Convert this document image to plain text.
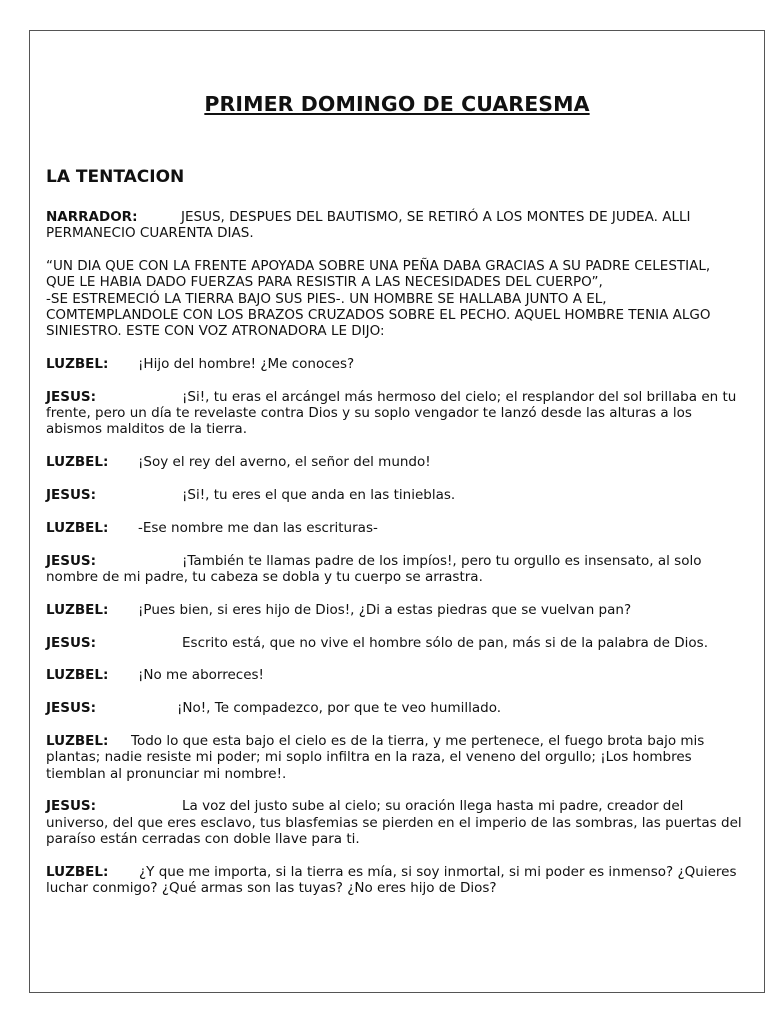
PRIMER DOMINGO DE CUARESMA
LA TENTACION

NARRADOR:	JESUS, DESPUES DEL BAUTISMO, SE RETIRÓ A LOS MONTES DE JUDEA. ALLI PERMANECIO CUARENTA DIAS.

“UN DIA QUE CON LA FRENTE APOYADA SOBRE UNA PEÑA DABA GRACIAS A SU PADRE CELESTIAL, QUE LE HABIA DADO FUERZAS PARA RESISTIR A LAS NECESIDADES DEL CUERPO”,

-SE ESTREMECIÓ LA TIERRA BAJO SUS PIES-. UN HOMBRE SE HALLABA JUNTO A EL, COMTEMPLANDOLE CON LOS BRAZOS CRUZADOS SOBRE EL PECHO. AQUEL HOMBRE TENIA ALGO SINIESTRO. ESTE CON VOZ ATRONADORA LE DIJO:

LUZBEL: ¡Hijo del hombre! ¿Me conoces?

JESUS:	¡Si!, tu eras el arcángel más hermoso del cielo; el resplandor del sol brillaba en tu frente, pero un día te revelaste contra Dios y su soplo vengador te lanzó desde las alturas a los abismos malditos de la tierra.

LUZBEL: ¡Soy el rey del averno, el señor del mundo!

JESUS:	¡Si!, tu eres el que anda en las tinieblas.

LUZBEL: -Ese nombre me dan las escrituras-

JESUS:	¡También te llamas padre de los impíos!, pero tu orgullo es insensato, al solo nombre de mi padre, tu cabeza se dobla y tu cuerpo se arrastra.

LUZBEL: ¡Pues bien, si eres hijo de Dios!, ¿Di a estas piedras que se vuelvan pan?

JESUS:	Escrito está, que no vive el hombre sólo de pan, más si de la palabra de Dios.

LUZBEL: ¡No me aborreces!

JESUS:	¡No!, Te compadezco, por que te veo humillado.

LUZBEL: Todo lo que esta bajo el cielo es de la tierra, y me pertenece, el fuego brota bajo mis plantas; nadie resiste mi poder; mi soplo infiltra en la raza, el veneno del orgullo; ¡Los hombres tiemblan al pronunciar mi nombre!.

JESUS:	La voz del justo sube al cielo; su oración llega hasta mi padre, creador del universo, del que eres esclavo, tus blasfemias se pierden en el imperio de las sombras, las puertas del paraíso están cerradas con doble llave para ti.

LUZBEL: ¿Y que me importa, si la tierra es mía, si soy inmortal, si mi poder es inmenso? ¿Quieres luchar conmigo? ¿Qué armas son las tuyas? ¿No eres hijo de Dios?
